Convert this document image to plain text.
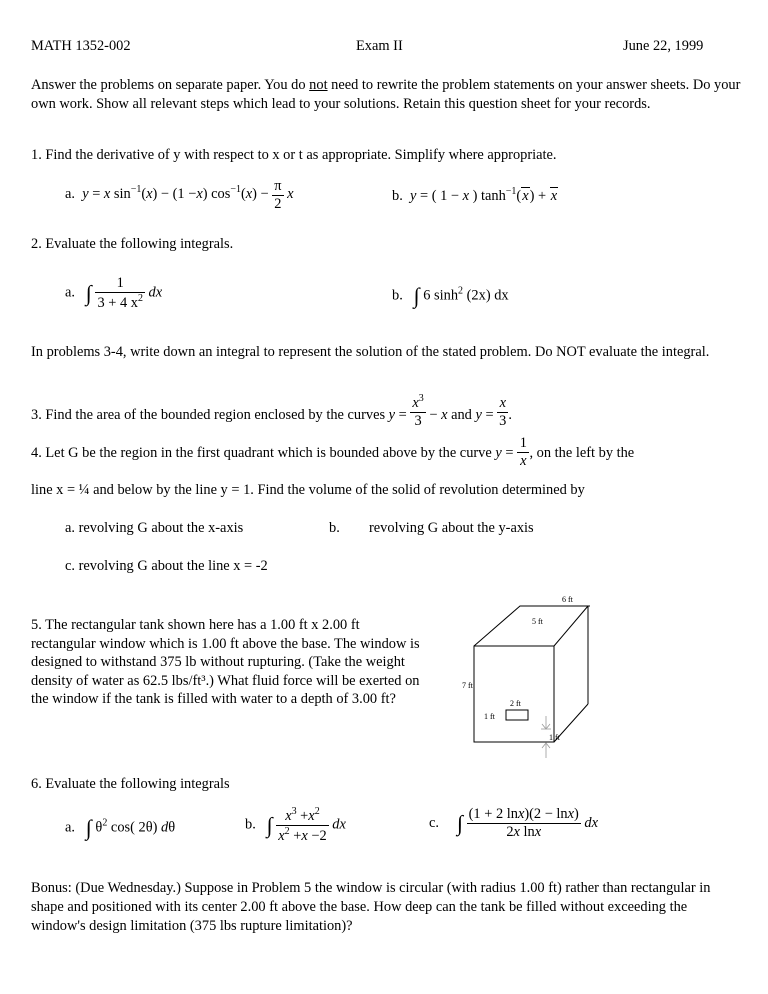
MATH 1352-002	Exam II	June 22, 1999
Answer the problems on separate paper. You do not need to rewrite the problem statements on your answer sheets. Do your own work. Show all relevant steps which lead to your solutions. Retain this question sheet for your records.
1. Find the derivative of y with respect to x or t as appropriate. Simplify where appropriate.
a. y = x $\sin^{-1}(x) - (1 -x) \cos^{-1}(x) - \frac{\pi}{2}$ x	b. y = ( 1 − x ) $\tanh^{-1}(x) + x$
2. Evaluate the following integrals.
a. ∫ $\frac{1}{3 + 4 x^2}$ dx	b. ∫ 6 $\sinh^2 (2x)$ dx
In problems 3-4, write down an integral to represent the solution of the stated problem. Do NOT evaluate the integral.
3. Find the area of the bounded region enclosed by the curves $y = \frac{x^3}{3} - x$ and $y = \frac{x}{3}$ .
4. Let G be the region in the first quadrant which is bounded above by the curve $y = \frac{1}{x}$ , on the left by the
line x = ¼ and below by the line y = 1. Find the volume of the solid of revolution determined by
a. revolving G about the x-axis	b. revolving G about the y-axis
c. revolving G about the line x = -2
5. The rectangular tank shown here has a 1.00 ft x 2.00 ft rectangular window which is 1.00 ft above the base. The window is designed to withstand 375 lb without rupturing. (Take the weight density of water as 62.5 lbs/ft³.) What fluid force will be exerted on the window if the tank is filled with water to a depth of 3.00 ft?
6 ft
5 ft
7 ft
2 ft
1 ft
1 ft
6. Evaluate the following integrals
a. ∫ $\theta^2$ cos( 2θ) dθ	b. ∫ $\frac{x^3 +x^2}{x^2 +x -2}$ dx	c. ∫ $\frac{(1 + 2 \ln x)(2 - \ln x)}{\text{2x lnx}}$ dx
Bonus: (Due Wednesday.) Suppose in Problem 5 the window is circular (with radius 1.00 ft) rather than rectangular in shape and positioned with its center 2.00 ft above the base. How deep can the tank be filled without exceeding the window's design limitation (375 lbs rupture limitation)?
